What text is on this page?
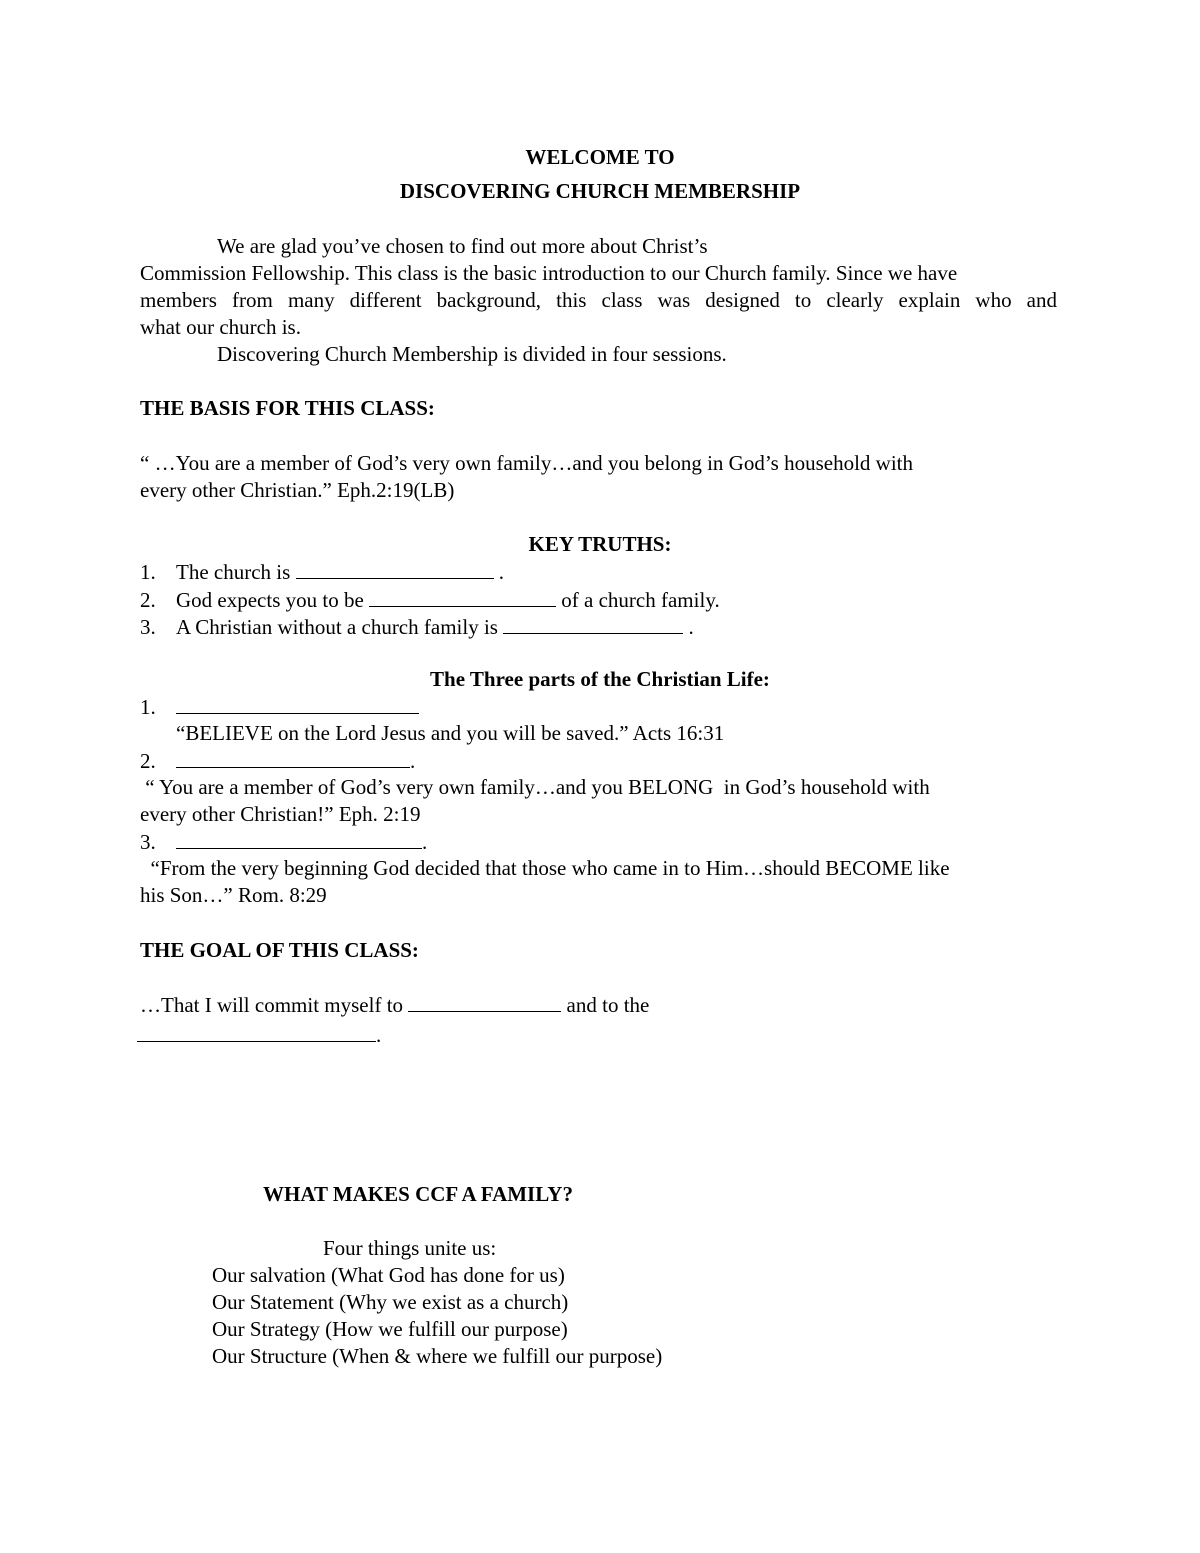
WELCOME TO
DISCOVERING CHURCH MEMBERSHIP
We are glad you’ve chosen to find out more about Christ’s
Commission Fellowship. This class is the basic introduction to our Church family. Since we have
members from many different background, this class was designed to clearly explain who and
what our church is.
Discovering Church Membership is divided in four sessions.
THE BASIS FOR THIS CLASS:
“ …You are a member of God’s very own family…and you belong in God’s household with
every other Christian.” Eph.2:19(LB)
KEY TRUTHS:
1. The church is	.
2. God expects you to be	of a church family.
3. A Christian without a church family is	.
The Three parts of the Christian Life:
1.
“BELIEVE on the Lord Jesus and you will be saved.” Acts 16:31
2.	.
“ You are a member of God’s very own family…and you BELONG  in God’s household with
every other Christian!” Eph. 2:19
3.	.
“From the very beginning God decided that those who came in to Him…should BECOME like
his Son…” Rom. 8:29
THE GOAL OF THIS CLASS:
…That I will commit myself to	and to the
.
WHAT MAKES CCF A FAMILY?
Four things unite us:
Our salvation (What God has done for us)
Our Statement (Why we exist as a church)
Our Strategy (How we fulfill our purpose)
Our Structure (When & where we fulfill our purpose)
